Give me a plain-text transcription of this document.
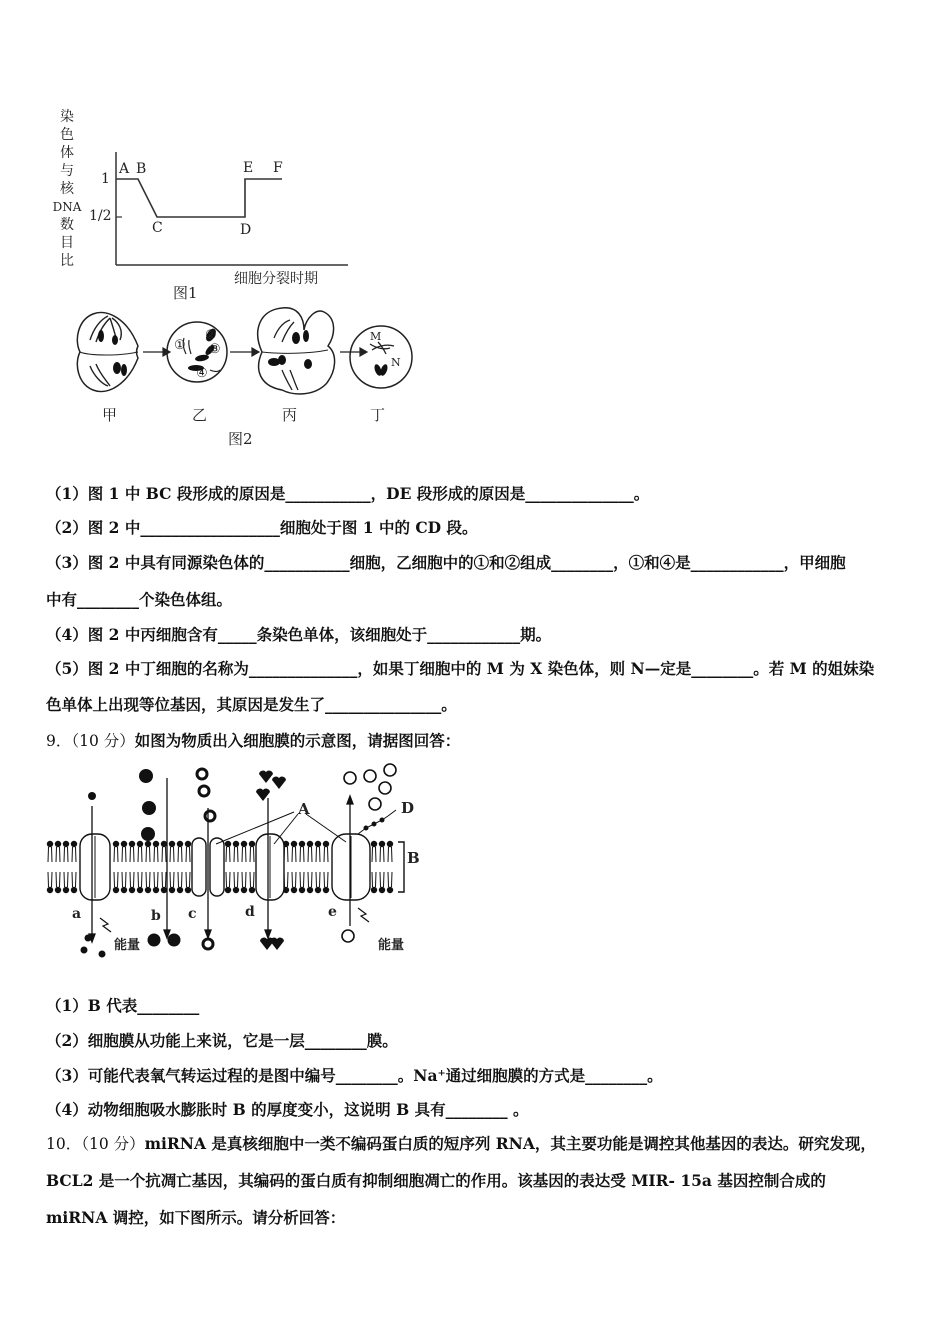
染
色
体
与
核
DNA
数
目
比
1
1/2
A B
C	D
E F
细胞分裂时期
图1
①
②
③
④
M
N
甲	乙	丙	丁
图2
（1）图 1 中 BC 段形成的原因是___________，DE 段形成的原因是______________。
（2）图 2 中__________________细胞处于图 1 中的 CD 段。
（3）图 2 中具有同源染色体的___________细胞，乙细胞中的①和②组成________，①和④是____________，甲细胞
中有________个染色体组。
（4）图 2 中丙细胞含有_____条染色单体，该细胞处于____________期。
（5）图 2 中丁细胞的名称为______________，如果丁细胞中的 M 为 X 染色体，则 N—定是________。若 M 的姐妹染
色单体上出现等位基因，其原因是发生了_______________。
9．（10 分）如图为物质出入细胞膜的示意图，请据图回答：
A
B
D
a	b c	d	e
能量	能量
（1）B 代表________
（2）细胞膜从功能上来说，它是一层________膜。
（3）可能代表氧气转运过程的是图中编号________。Na⁺通过细胞膜的方式是________。
（4）动物细胞吸水膨胀时 B 的厚度变小，这说明 B 具有________ 。
10．（10 分）miRNA 是真核细胞中一类不编码蛋白质的短序列 RNA，其主要功能是调控其他基因的表达。研究发现，
BCL2 是一个抗凋亡基因，其编码的蛋白质有抑制细胞凋亡的作用。该基因的表达受 MIR- 15a 基因控制合成的
miRNA 调控，如下图所示。请分析回答：
